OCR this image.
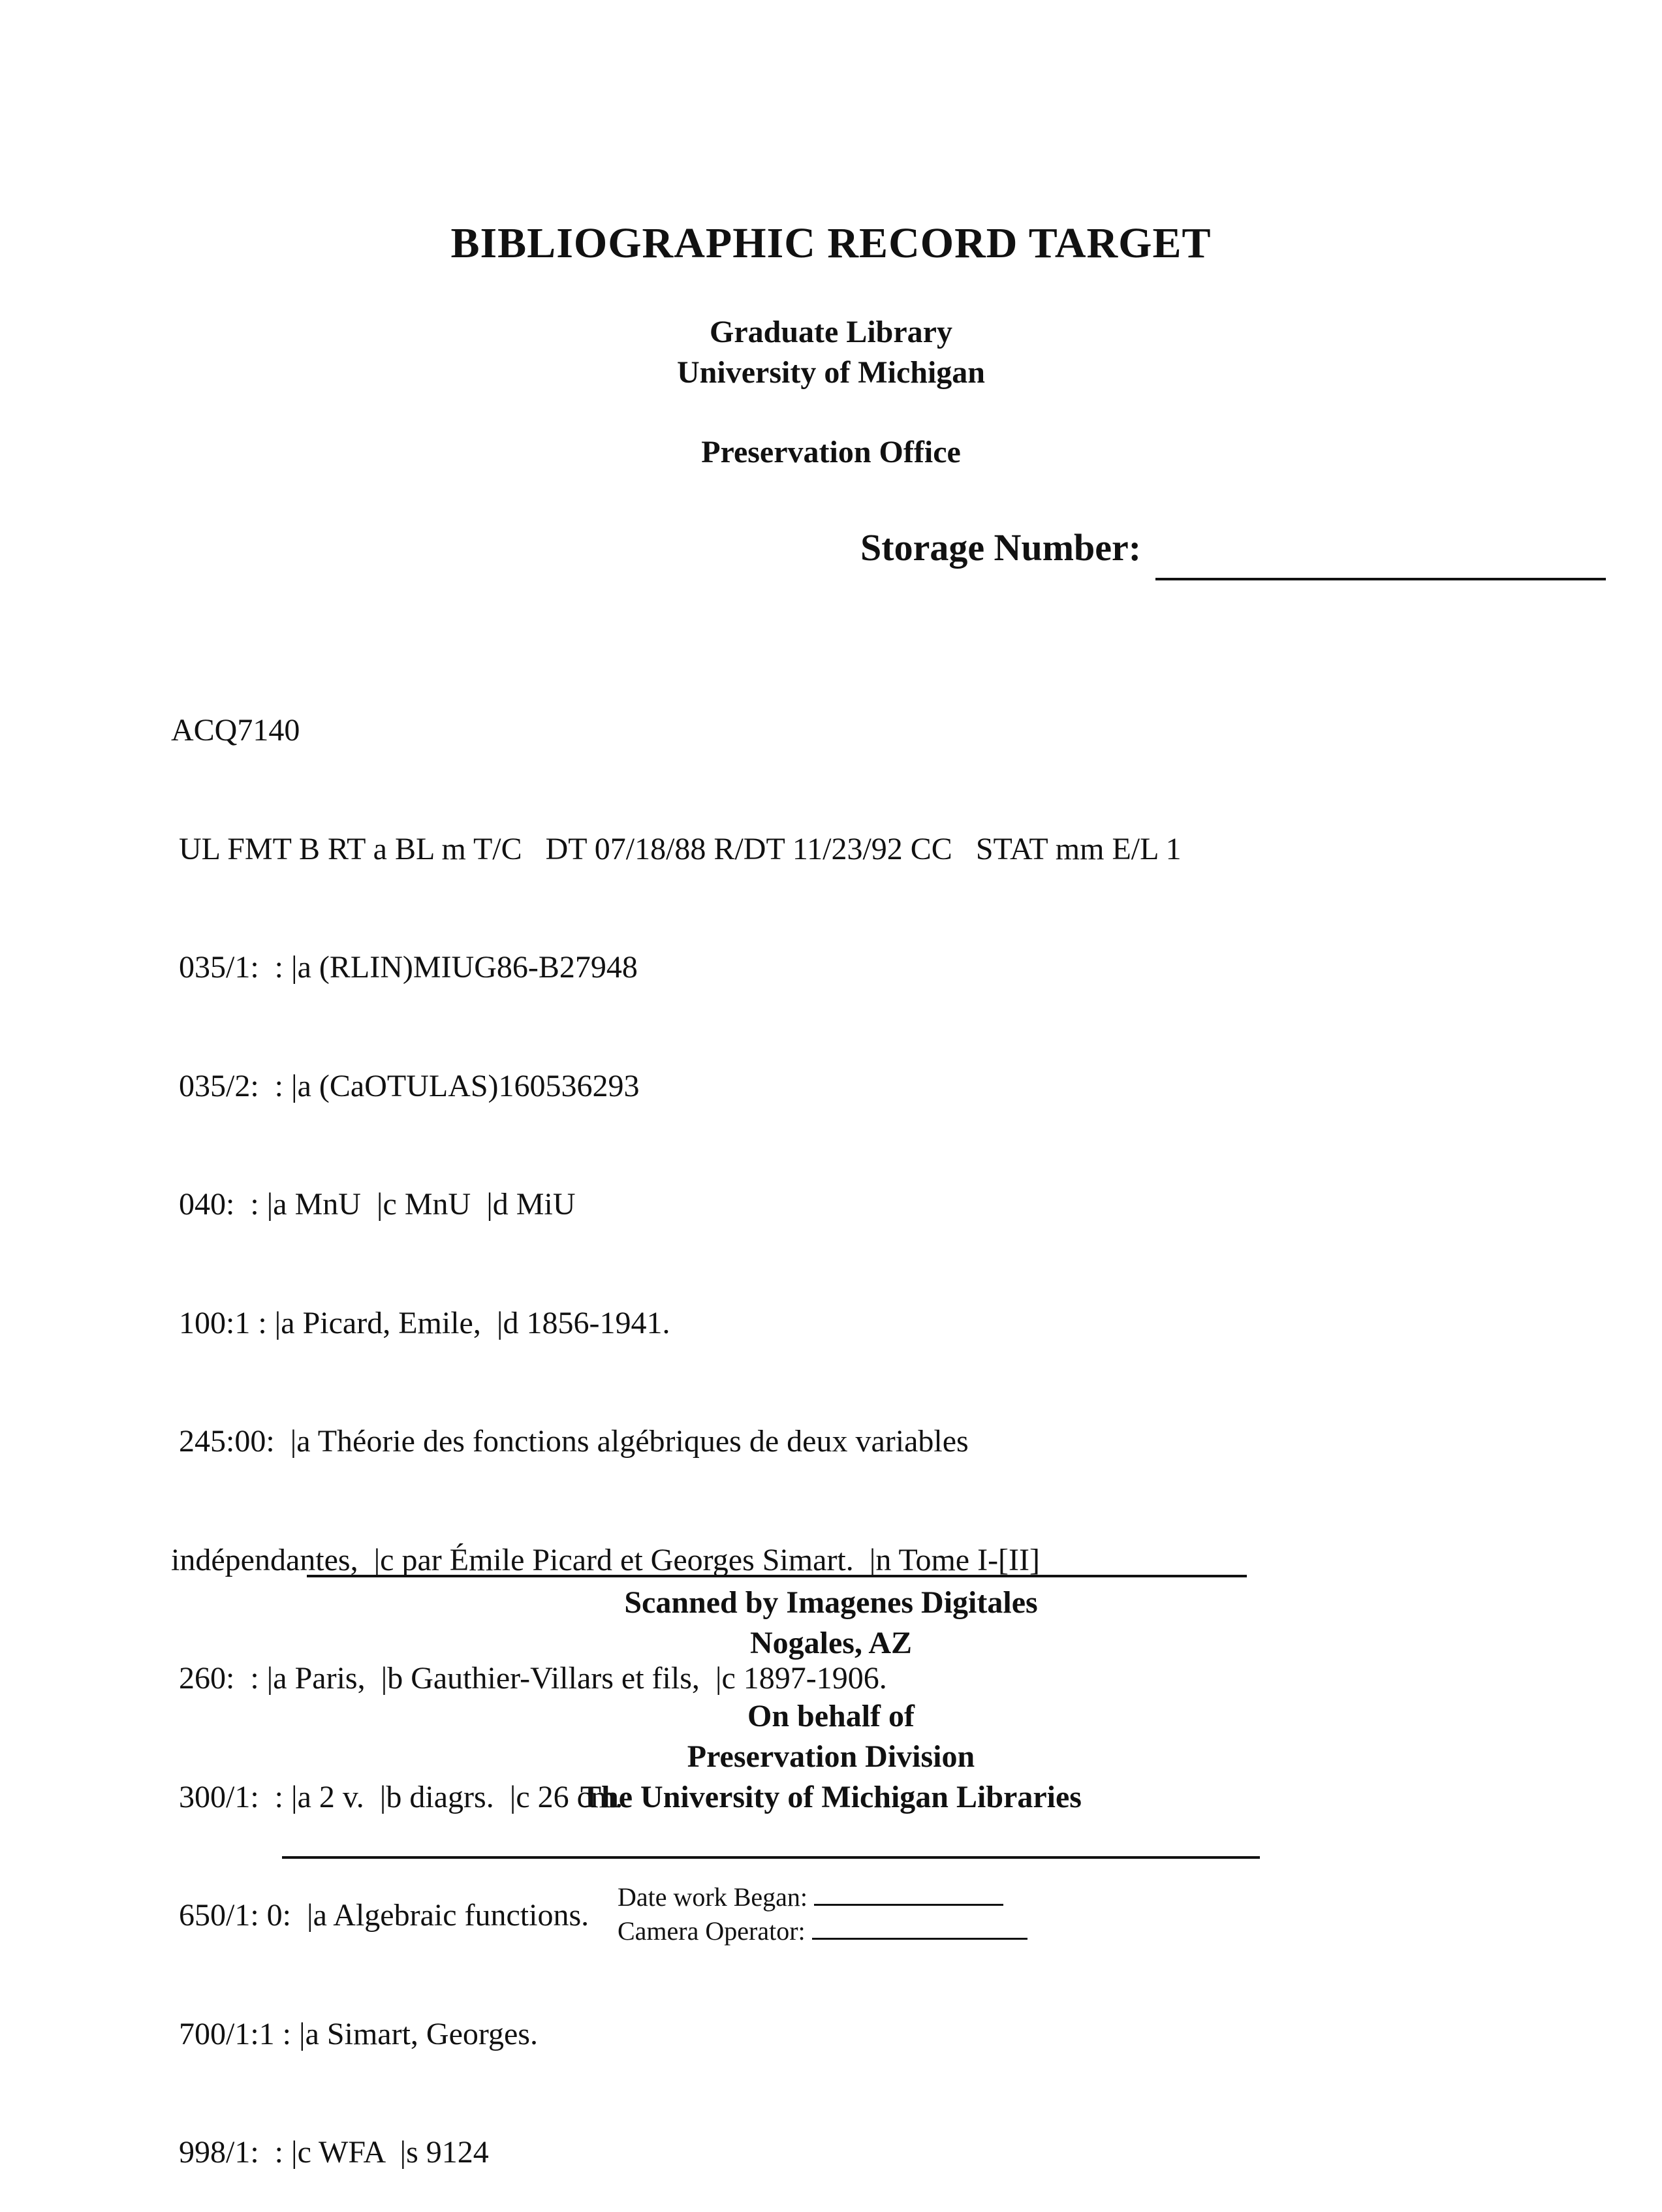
BIBLIOGRAPHIC RECORD TARGET
Graduate Library
University of Michigan
Preservation Office
Storage Number:

ACQ7140

UL FMT B RT a BL m T/C   DT 07/18/88 R/DT 11/23/92 CC   STAT mm E/L 1

035/1:  : |a (RLIN)MIUG86-B27948

035/2:  : |a (CaOTULAS)160536293

040:  : |a MnU  |c MnU  |d MiU

100:1 : |a Picard, Emile,  |d 1856-1941.

245:00:  |a Théorie des fonctions algébriques de deux variables

indépendantes,  |c par Émile Picard et Georges Simart.  |n Tome I-[II]

260:  : |a Paris,  |b Gauthier-Villars et fils,  |c 1897-1906.

300/1:  : |a 2 v.  |b diagrs.  |c 26 cm.

650/1: 0:  |a Algebraic functions.

700/1:1 : |a Simart, Georges.

998/1:  : |c WFA  |s 9124

Scanned by Imagenes Digitales
Nogales, AZ
On behalf of
Preservation Division
The University of Michigan Libraries
Date work Began:
Camera Operator:
